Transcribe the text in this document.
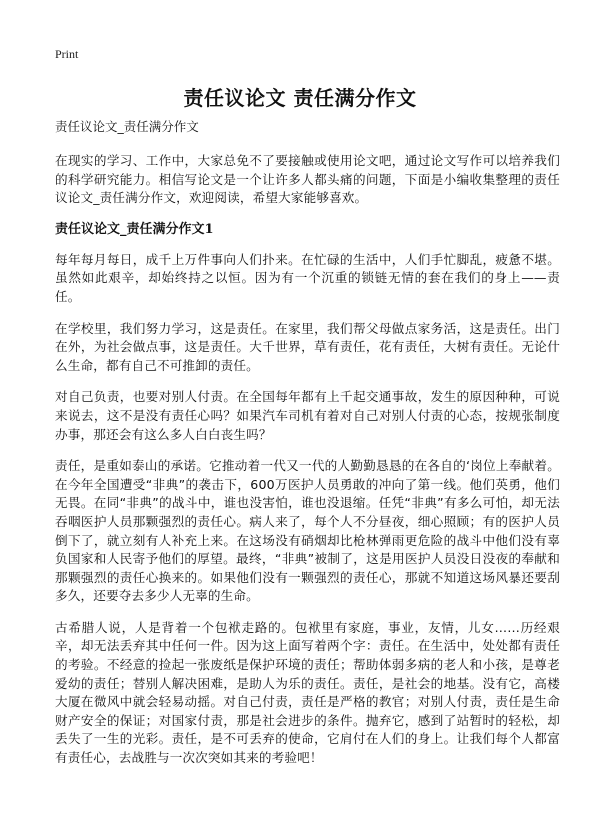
Print
责任议论文 责任满分作文
责任议论文_责任满分作文

在现实的学习、工作中，大家总免不了要接触或使用论文吧，通过论文写作可以培养我们的科学研究能力。相信写论文是一个让许多人都头痛的问题，下面是小编收集整理的责任议论文_责任满分作文，欢迎阅读，希望大家能够喜欢。

责任议论文_责任满分作文1

每年每月每日，成千上万件事向人们扑来。在忙碌的生活中，人们手忙脚乱，疲惫不堪。虽然如此艰辛，却始终持之以恒。因为有一个沉重的锁链无情的套在我们的身上——责任。

在学校里，我们努力学习，这是责任。在家里，我们帮父母做点家务活，这是责任。出门在外，为社会做点事，这是责任。大千世界，草有责任，花有责任，大树有责任。无论什么生命，都有自己不可推卸的责任。

对自己负责，也要对别人付责。在全国每年都有上千起交通事故，发生的原因种种，可说来说去，这不是没有责任心吗？如果汽车司机有着对自己对别人付责的心态，按规张制度办事，那还会有这么多人白白丧生吗？

责任，是重如泰山的承诺。它推动着一代又一代的人勤勤恳恳的在各自的‘岗位上奉献着。在今年全国遭受“非典”的袭击下，600万医护人员勇敢的冲向了第一线。他们英勇，他们无畏。在同“非典”的战斗中，谁也没害怕，谁也没退缩。任凭“非典”有多么可怕，却无法吞咽医护人员那颗强烈的责任心。病人来了，每个人不分昼夜，细心照顾；有的医护人员倒下了，就立刻有人补充上来。在这场没有硝烟却比枪林弹雨更危险的战斗中他们没有辜负国家和人民寄予他们的厚望。最终，“非典”被制了，这是用医护人员没日没夜的奉献和那颗强烈的责任心换来的。如果他们没有一颗强烈的责任心，那就不知道这场风暴还要刮多久，还要夺去多少人无辜的生命。

古希腊人说，人是背着一个包袱走路的。包袱里有家庭，事业，友情，儿女……历经艰辛，却无法丢弃其中任何一件。因为这上面写着两个字：责任。在生活中，处处都有责任的考验。不经意的捡起一张废纸是保护环境的责任；帮助体弱多病的老人和小孩，是尊老爱幼的责任；替别人解决困难，是助人为乐的责任。责任，是社会的地基。没有它，高楼大厦在微风中就会轻易动摇。对自己付责，责任是严格的教官；对别人付责，责任是生命财产安全的保证；对国家付责，那是社会进步的条件。抛弃它，感到了站暂时的轻松，却丢失了一生的光彩。责任，是不可丢弃的使命，它肩付在人们的身上。让我们每个人都富有责任心，去战胜与一次次突如其来的考验吧！
